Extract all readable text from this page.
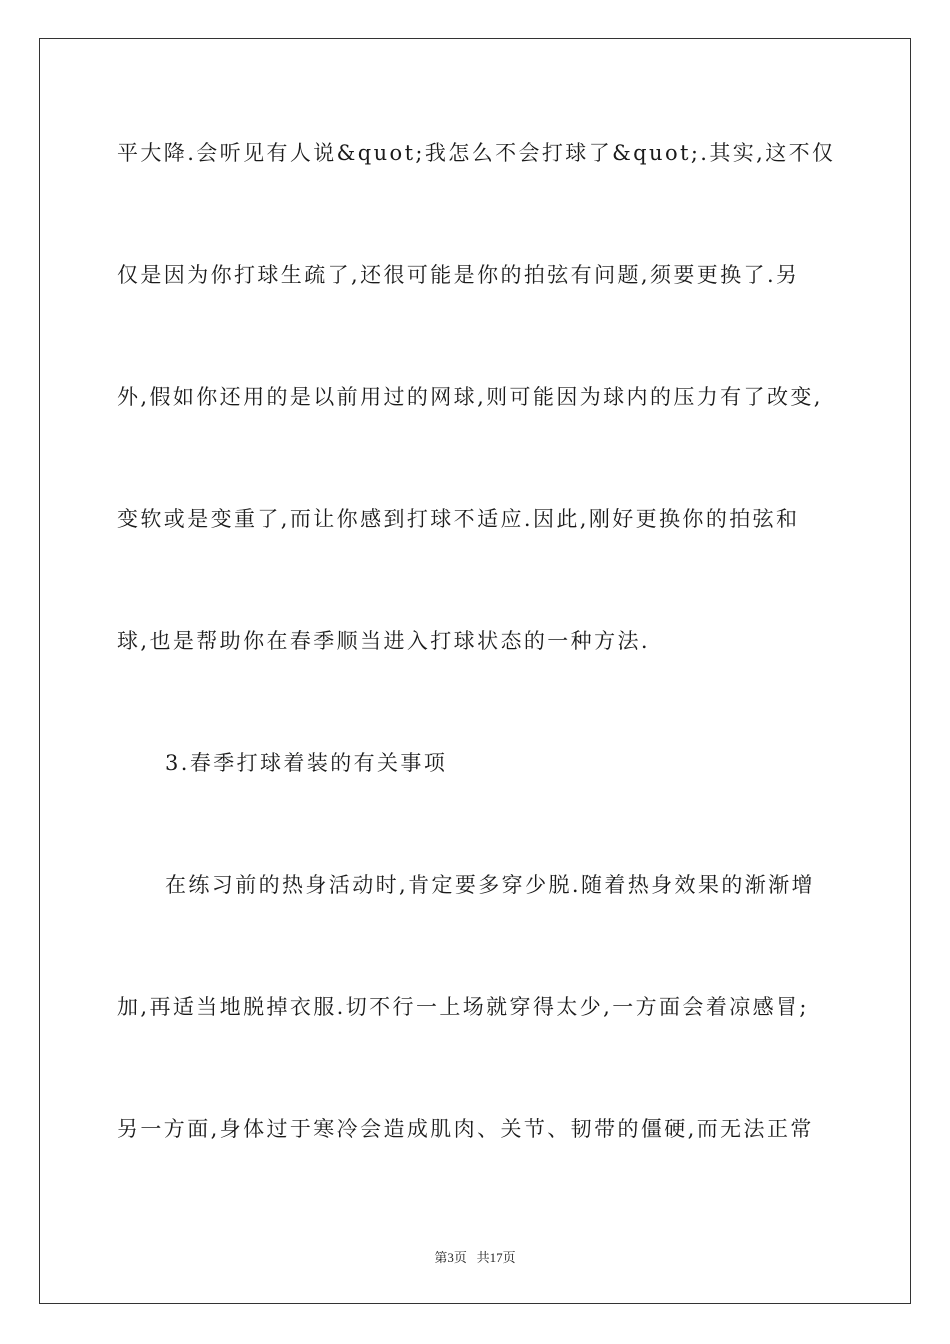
平大降.会听见有人说&quot;我怎么不会打球了&quot;.其实,这不仅
仅是因为你打球生疏了,还很可能是你的拍弦有问题,须要更换了.另
外,假如你还用的是以前用过的网球,则可能因为球内的压力有了改变,
变软或是变重了,而让你感到打球不适应.因此,刚好更换你的拍弦和
球,也是帮助你在春季顺当进入打球状态的一种方法.
3.春季打球着装的有关事项
在练习前的热身活动时,肯定要多穿少脱.随着热身效果的渐渐增
加,再适当地脱掉衣服.切不行一上场就穿得太少,一方面会着凉感冒;
另一方面,身体过于寒冷会造成肌肉、关节、韧带的僵硬,而无法正常
第3页 共17页
